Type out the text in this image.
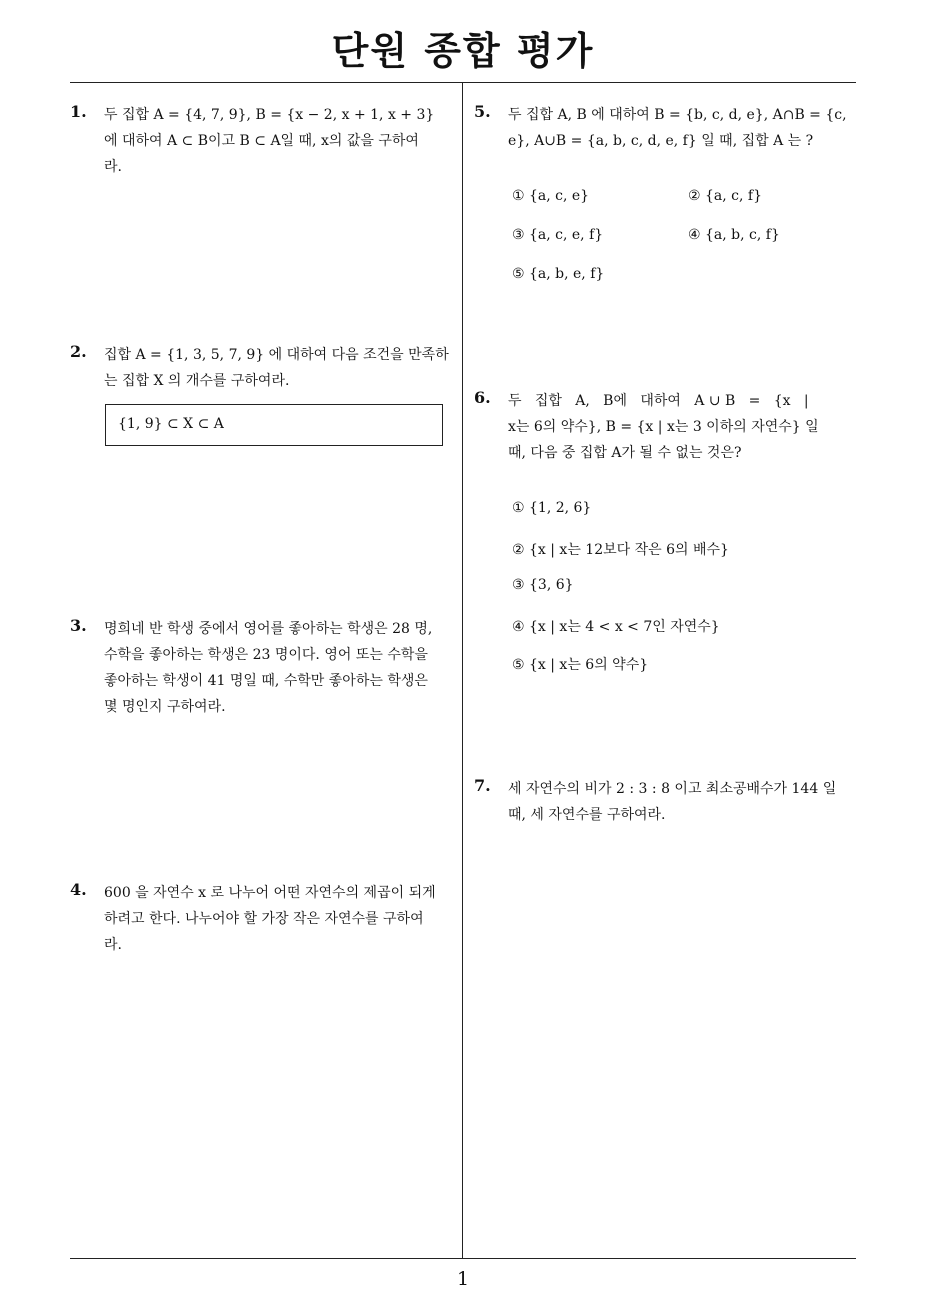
단원 종합 평가
1. 두 집합 A = {4, 7, 9}, B = {x − 2, x + 1, x + 3}
에 대하여 A ⊂ B이고 B ⊂ A일 때, x의 값을 구하여
라.
2. 집합 A = {1, 3, 5, 7, 9} 에 대하여 다음 조건을 만족하
는 집합 X 의 개수를 구하여라.
{1, 9} ⊂ X ⊂ A
3. 명희네 반 학생 중에서 영어를 좋아하는 학생은 28 명,
수학을 좋아하는 학생은 23 명이다. 영어 또는 수학을
좋아하는 학생이 41 명일 때, 수학만 좋아하는 학생은
몇 명인지 구하여라.
4. 600 을 자연수 x 로 나누어 어떤 자연수의 제곱이 되게
하려고 한다. 나누어야 할 가장 작은 자연수를 구하여
라.
5. 두 집합 A, B 에 대하여 B = {b, c, d, e}, A∩B = {c,
e}, A∪B = {a, b, c, d, e, f} 일 때, 집합 A 는 ?
① {a, c, e}	② {a, c, f}
③ {a, c, e, f}	④ {a, b, c, f}
⑤ {a, b, e, f}
6. 두   집합   A,   B에   대하여   A ∪ B   =   {x   |
x는 6의 약수}, B = {x | x는 3 이하의 자연수} 일
때, 다음 중 집합 A가 될 수 없는 것은?
① {1, 2, 6}
② {x | x는 12보다 작은 6의 배수}
③ {3, 6}
④ {x | x는 4 < x < 7인 자연수}
⑤ {x | x는 6의 약수}
7. 세 자연수의 비가 2 : 3 : 8 이고 최소공배수가 144 일
때, 세 자연수를 구하여라.
1
